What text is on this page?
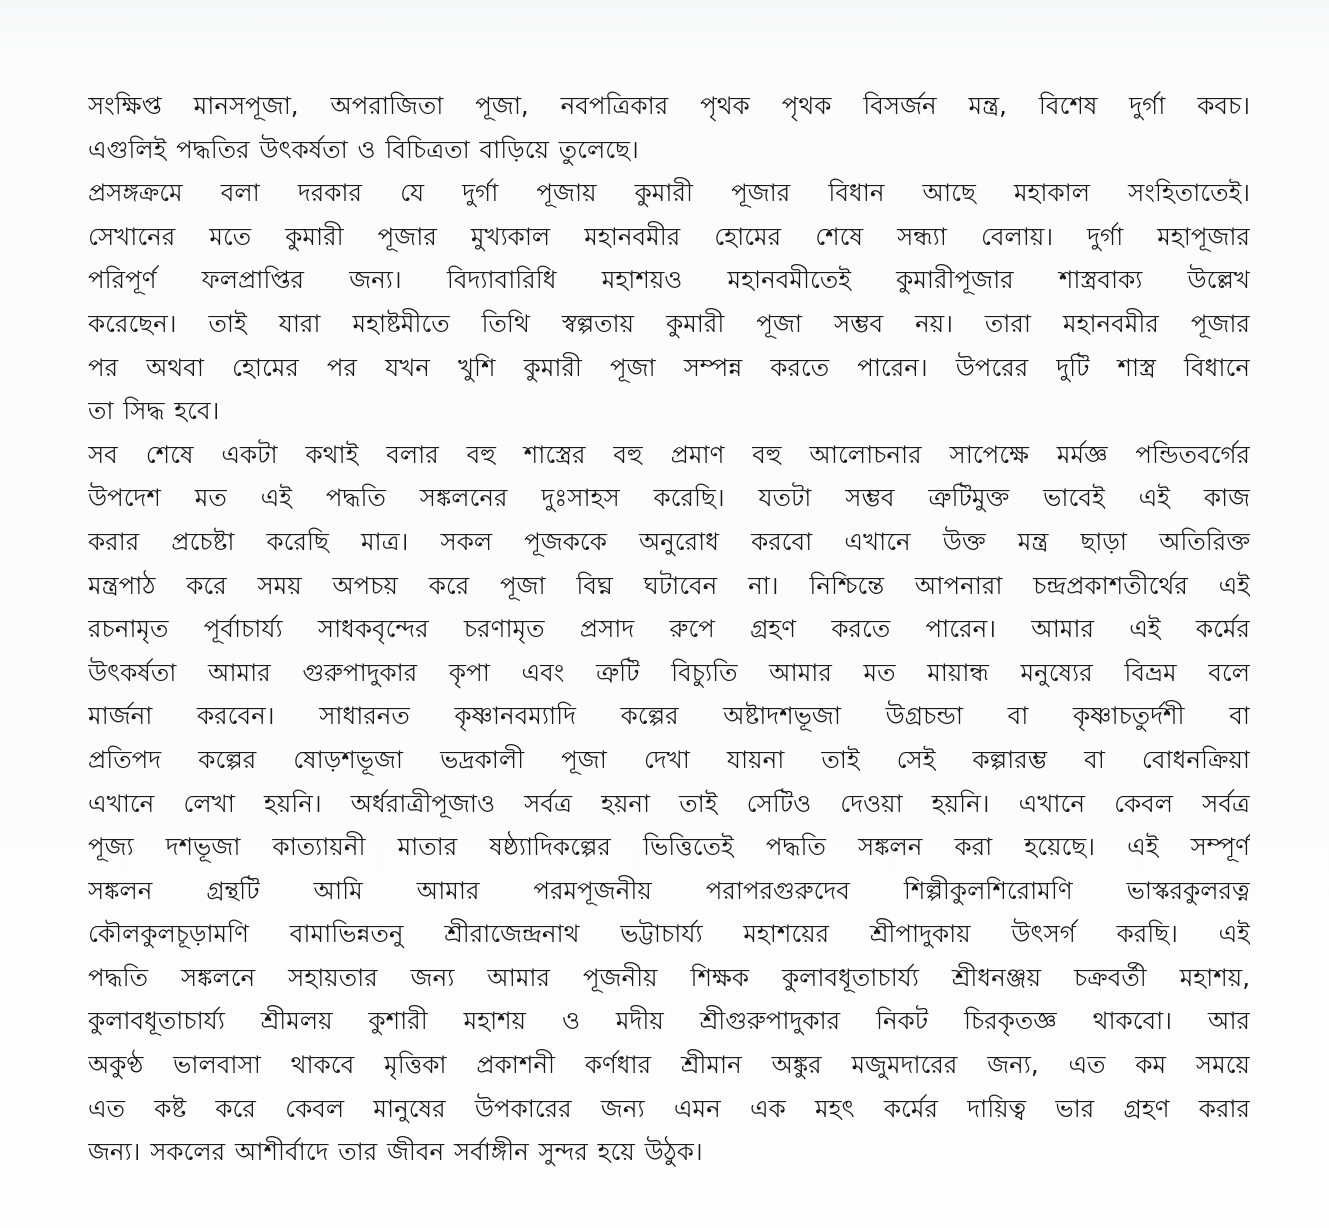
সংক্ষিপ্ত মানসপূজা, অপরাজিতা পূজা, নবপত্রিকার পৃথক পৃথক বিসর্জন মন্ত্র, বিশেষ দুর্গা কবচ।
এগুলিই পদ্ধতির উৎকর্ষতা ও বিচিত্রতা বাড়িয়ে তুলেছে।
প্রসঙ্গক্রমে বলা দরকার যে দুর্গা পূজায় কুমারী পূজার বিধান আছে মহাকাল সংহিতাতেই।
সেখানের মতে কুমারী পূজার মুখ্যকাল মহানবমীর হোমের শেষে সন্ধ্যা বেলায়। দুর্গা মহাপূজার
পরিপূর্ণ ফলপ্রাপ্তির জন্য। বিদ্যাবারিধি মহাশয়ও মহানবমীতেই কুমারীপূজার শাস্ত্রবাক্য উল্লেখ
করেছেন। তাই যারা মহাষ্টমীতে তিথি স্বল্পতায় কুমারী পূজা সম্ভব নয়। তারা মহানবমীর পূজার
পর অথবা হোমের পর যখন খুশি কুমারী পূজা সম্পন্ন করতে পারেন। উপরের দুটি শাস্ত্র বিধানে
তা সিদ্ধ হবে।
সব শেষে একটা কথাই বলার বহু শাস্ত্রের বহু প্রমাণ বহু আলোচনার সাপেক্ষে মর্মজ্ঞ পন্ডিতবর্গের
উপদেশ মত এই পদ্ধতি সঙ্কলনের দুঃসাহস করেছি। যতটা সম্ভব ত্রুটিমুক্ত ভাবেই এই কাজ
করার প্রচেষ্টা করেছি মাত্র। সকল পূজককে অনুরোধ করবো এখানে উক্ত মন্ত্র ছাড়া অতিরিক্ত
মন্ত্রপাঠ করে সময় অপচয় করে পূজা বিঘ্ন ঘটাবেন না। নিশ্চিন্তে আপনারা চন্দ্রপ্রকাশতীর্থের এই
রচনামৃত পূর্বাচার্য্য সাধকবৃন্দের চরণামৃত প্রসাদ রুপে গ্রহণ করতে পারেন। আমার এই কর্মের
উৎকর্ষতা আমার গুরুপাদুকার কৃপা এবং ত্রুটি বিচ্যুতি আমার মত মায়ান্ধ মনুষ্যের বিভ্রম বলে
মার্জনা করবেন। সাধারনত কৃষ্ণানবম্যাদি কল্পের অষ্টাদশভূজা উগ্রচন্ডা বা কৃষ্ণাচতুর্দশী বা
প্রতিপদ কল্পের ষোড়শভূজা ভদ্রকালী পূজা দেখা যায়না তাই সেই কল্পারম্ভ বা বোধনক্রিয়া
এখানে লেখা হয়নি। অর্ধরাত্রীপূজাও সর্বত্র হয়না তাই সেটিও দেওয়া হয়নি। এখানে কেবল সর্বত্র
পূজ্য দশভূজা কাত্যায়নী মাতার ষষ্ঠ্যাদিকল্পের ভিত্তিতেই পদ্ধতি সঙ্কলন করা হয়েছে। এই সম্পূর্ণ
সঙ্কলন গ্রন্থটি আমি আমার পরমপূজনীয় পরাপরগুরুদেব শিল্পীকুলশিরোমণি ভাস্করকুলরত্ন
কৌলকুলচূড়ামণি বামাভিন্নতনু শ্রীরাজেন্দ্রনাথ ভট্টাচার্য্য মহাশয়ের শ্রীপাদুকায় উৎসর্গ করছি। এই
পদ্ধতি সঙ্কলনে সহায়তার জন্য আমার পূজনীয় শিক্ষক কুলাবধূতাচার্য্য শ্রীধনঞ্জয় চক্রবর্তী মহাশয়,
কুলাবধূতাচার্য্য শ্রীমলয় কুশারী মহাশয় ও মদীয় শ্রীগুরুপাদুকার নিকট চিরকৃতজ্ঞ থাকবো। আর
অকুণ্ঠ ভালবাসা থাকবে মৃত্তিকা প্রকাশনী কর্ণধার শ্রীমান অঙ্কুর মজুমদারের জন্য, এত কম সময়ে
এত কষ্ট করে কেবল মানুষের উপকারের জন্য এমন এক মহৎ কর্মের দায়িত্ব ভার গ্রহণ করার
জন্য। সকলের আশীর্বাদে তার জীবন সর্বাঙ্গীন সুন্দর হয়ে উঠুক।
